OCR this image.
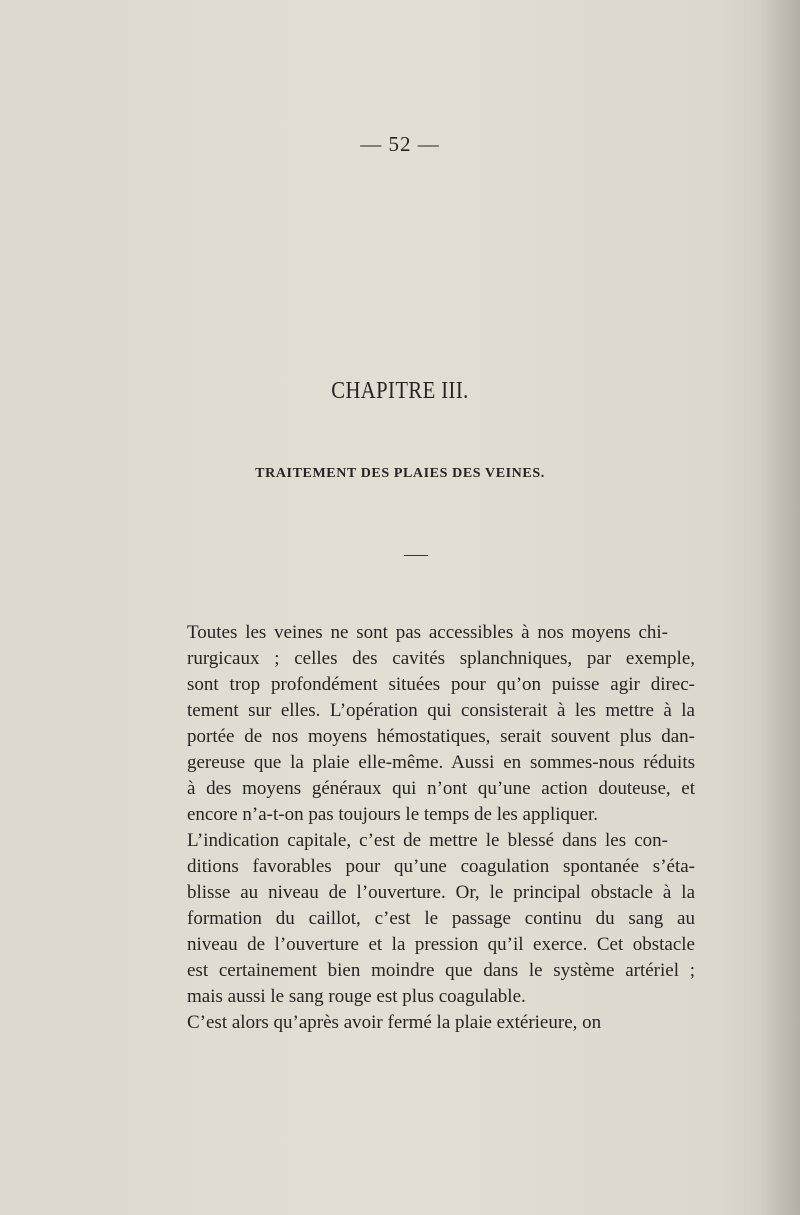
— 52 —
CHAPITRE III.
TRAITEMENT DES PLAIES DES VEINES.

Toutes les veines ne sont pas accessibles à nos moyens chi-
rurgicaux ; celles des cavités splanchniques, par exemple,
sont trop profondément situées pour qu’on puisse agir direc-
tement sur elles. L’opération qui consisterait à les mettre à la
portée de nos moyens hémostatiques, serait souvent plus dan-
gereuse que la plaie elle-même. Aussi en sommes-nous réduits
à des moyens généraux qui n’ont qu’une action douteuse, et
encore n’a-t-on pas toujours le temps de les appliquer.

L’indication capitale, c’est de mettre le blessé dans les con-
ditions favorables pour qu’une coagulation spontanée s’éta-
blisse au niveau de l’ouverture. Or, le principal obstacle à la
formation du caillot, c’est le passage continu du sang au
niveau de l’ouverture et la pression qu’il exerce. Cet obstacle
est certainement bien moindre que dans le système artériel ;
mais aussi le sang rouge est plus coagulable.

C’est alors qu’après avoir fermé la plaie extérieure, on
